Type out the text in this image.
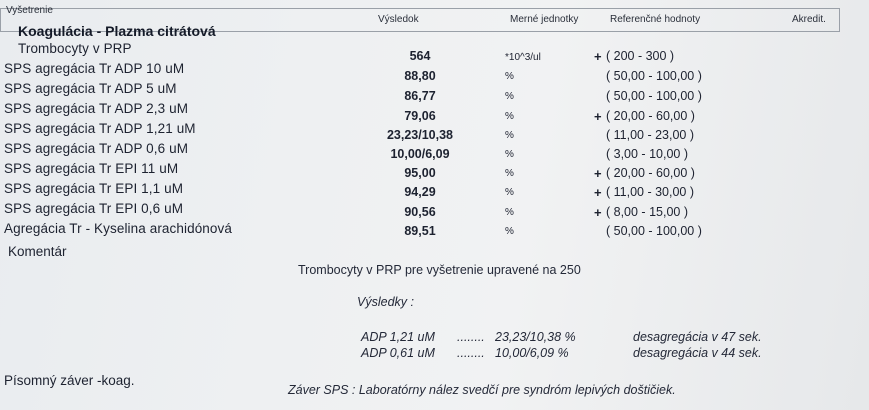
Vyšetrenie
Výsledok	Merné jednotky	Referenčné hodnoty	Akredit.
Koagulácia - Plazma citrátová
Trombocyty v PRP	564	*10^3/ul	+ ( 200 - 300 )
SPS agregácia Tr ADP 10 uM	88,80	%	( 50,00 - 100,00 )
SPS agregácia Tr ADP 5 uM	86,77	%	( 50,00 - 100,00 )
SPS agregácia Tr ADP 2,3 uM	79,06	%	+ ( 20,00 - 60,00 )
SPS agregácia Tr ADP 1,21 uM	23,23/10,38	%	( 11,00 - 23,00 )
SPS agregácia Tr ADP 0,6 uM	10,00/6,09	%	( 3,00 - 10,00 )
SPS agregácia Tr EPI 11 uM	95,00	%	+ ( 20,00 - 60,00 )
SPS agregácia Tr EPI 1,1 uM	94,29	%	+ ( 11,00 - 30,00 )
SPS agregácia Tr EPI 0,6 uM	90,56	%	+ ( 8,00 - 15,00 )
Agregácia Tr - Kyselina arachidónová	89,51	%	( 50,00 - 100,00 )
Komentár
Trombocyty v PRP pre vyšetrenie upravené na 250
Výsledky :
ADP 1,21 uM ........ 23,23/10,38 %	desagregácia v 47 sek.
ADP 0,61 uM ........ 10,00/6,09 %	desagregácia v 44 sek.
Písomný záver -koag.
Záver SPS : Laboratórny nález svedčí pre syndróm lepivých doštičiek.
